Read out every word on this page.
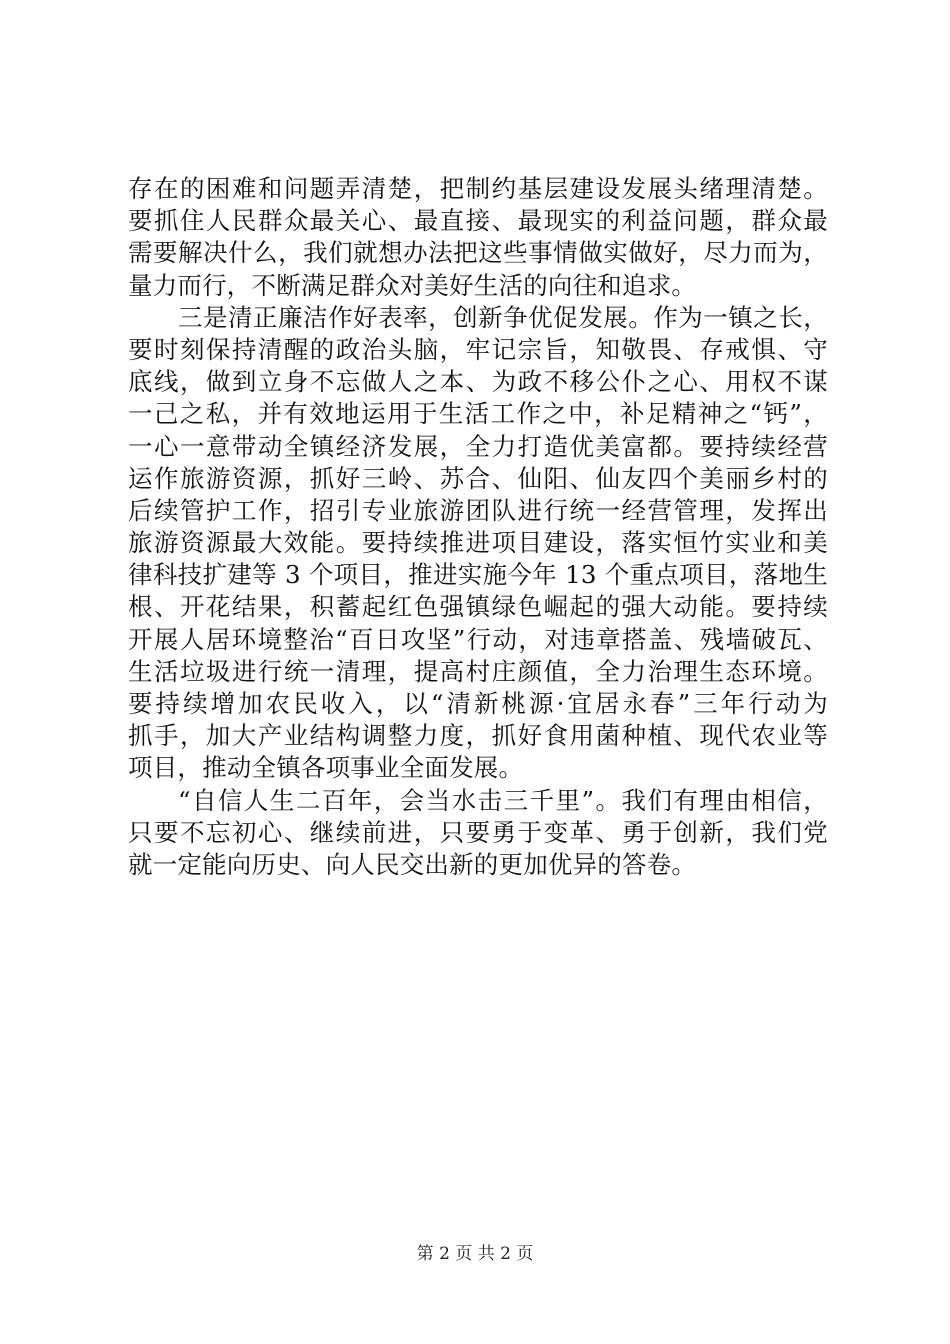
存在的困难和问题弄清楚，把制约基层建设发展头绪理清楚。
要抓住人民群众最关心、最直接、最现实的利益问题，群众最
需要解决什么，我们就想办法把这些事情做实做好，尽力而为，
量力而行，不断满足群众对美好生活的向往和追求。
三是清正廉洁作好表率，创新争优促发展。作为一镇之长，
要时刻保持清醒的政治头脑，牢记宗旨，知敬畏、存戒惧、守
底线，做到立身不忘做人之本、为政不移公仆之心、用权不谋
一己之私，并有效地运用于生活工作之中，补足精神之“钙”，
一心一意带动全镇经济发展，全力打造优美富都。要持续经营
运作旅游资源，抓好三岭、苏合、仙阳、仙友四个美丽乡村的
后续管护工作，招引专业旅游团队进行统一经营管理，发挥出
旅游资源最大效能。要持续推进项目建设，落实恒竹实业和美
律科技扩建等 3 个项目，推进实施今年 13 个重点项目，落地生
根、开花结果，积蓄起红色强镇绿色崛起的强大动能。要持续
开展人居环境整治“百日攻坚”行动，对违章搭盖、残墙破瓦、
生活垃圾进行统一清理，提高村庄颜值，全力治理生态环境。
要持续增加农民收入，以“清新桃源·宜居永春”三年行动为
抓手，加大产业结构调整力度，抓好食用菌种植、现代农业等
项目，推动全镇各项事业全面发展。
“自信人生二百年，会当水击三千里”。我们有理由相信，
只要不忘初心、继续前进，只要勇于变革、勇于创新，我们党
就一定能向历史、向人民交出新的更加优异的答卷。
第 2 页 共 2 页
